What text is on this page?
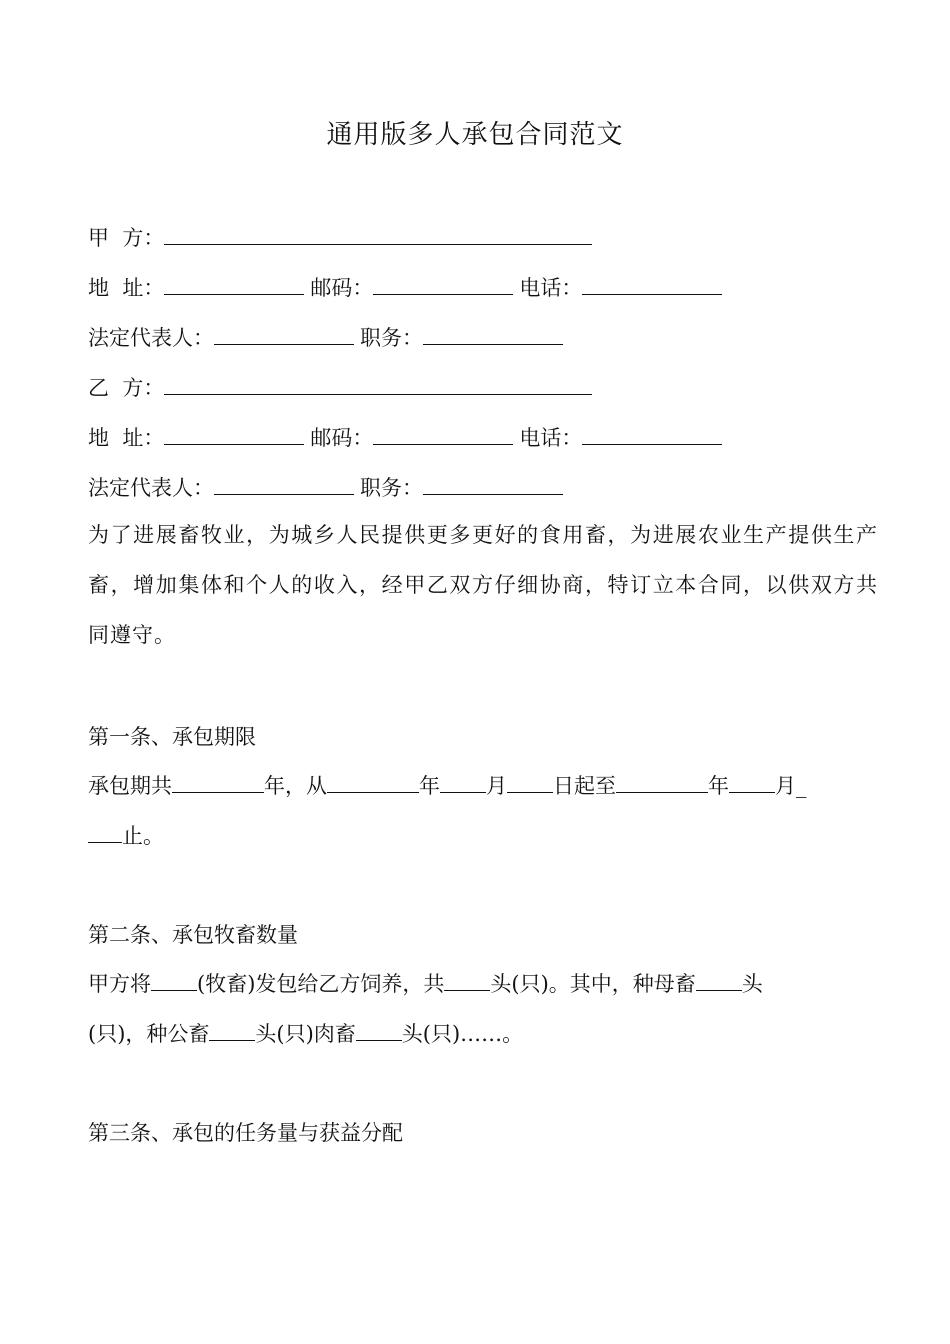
通用版多人承包合同范文
甲  方：
地  址：	邮码：	电话：
法定代表人：	职务：
乙  方：
地  址：	邮码：	电话：
法定代表人：	职务：
为了进展畜牧业，为城乡人民提供更多更好的食用畜，为进展农业生产提供生产畜，增加集体和个人的收入，经甲乙双方仔细协商，特订立本合同，以供双方共同遵守。
第一条、承包期限
承包期共	年，从	年 月 日起至	年 月_
止。
第二条、承包牧畜数量
甲方将 (牧畜)发包给乙方饲养，共 头(只)。其中，种母畜 头
(只)，种公畜 头(只)肉畜 头(只)……。
第三条、承包的任务量与获益分配
